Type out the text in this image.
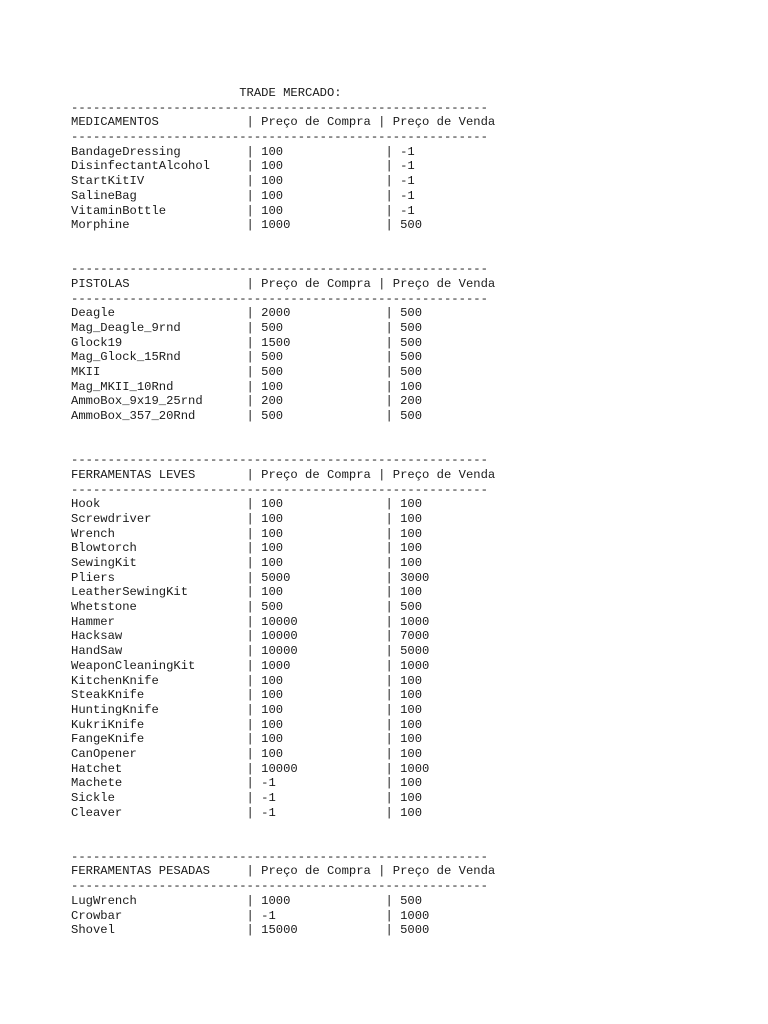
TRADE MERCADO:
---------------------------------------------------------
MEDICAMENTOS            | Preço de Compra | Preço de Venda
---------------------------------------------------------
BandageDressing         | 100              | -1
DisinfectantAlcohol     | 100              | -1
StartKitIV              | 100              | -1
SalineBag               | 100              | -1
VitaminBottle           | 100              | -1
Morphine                | 1000             | 500

---------------------------------------------------------
PISTOLAS                | Preço de Compra | Preço de Venda
---------------------------------------------------------
Deagle                  | 2000             | 500
Mag_Deagle_9rnd         | 500              | 500
Glock19                 | 1500             | 500
Mag_Glock_15Rnd         | 500              | 500
MKII                    | 500              | 500
Mag_MKII_10Rnd          | 100              | 100
AmmoBox_9x19_25rnd      | 200              | 200
AmmoBox_357_20Rnd       | 500              | 500

---------------------------------------------------------
FERRAMENTAS LEVES       | Preço de Compra | Preço de Venda
---------------------------------------------------------
Hook                    | 100              | 100
Screwdriver             | 100              | 100
Wrench                  | 100              | 100
Blowtorch               | 100              | 100
SewingKit               | 100              | 100
Pliers                  | 5000             | 3000
LeatherSewingKit        | 100              | 100
Whetstone               | 500              | 500
Hammer                  | 10000            | 1000
Hacksaw                 | 10000            | 7000
HandSaw                 | 10000            | 5000
WeaponCleaningKit       | 1000             | 1000
KitchenKnife            | 100              | 100
SteakKnife              | 100              | 100
HuntingKnife            | 100              | 100
KukriKnife              | 100              | 100
FangeKnife              | 100              | 100
CanOpener               | 100              | 100
Hatchet                 | 10000            | 1000
Machete                 | -1               | 100
Sickle                  | -1               | 100
Cleaver                 | -1               | 100

---------------------------------------------------------
FERRAMENTAS PESADAS     | Preço de Compra | Preço de Venda
---------------------------------------------------------
LugWrench               | 1000             | 500
Crowbar                 | -1               | 1000
Shovel                  | 15000            | 5000
